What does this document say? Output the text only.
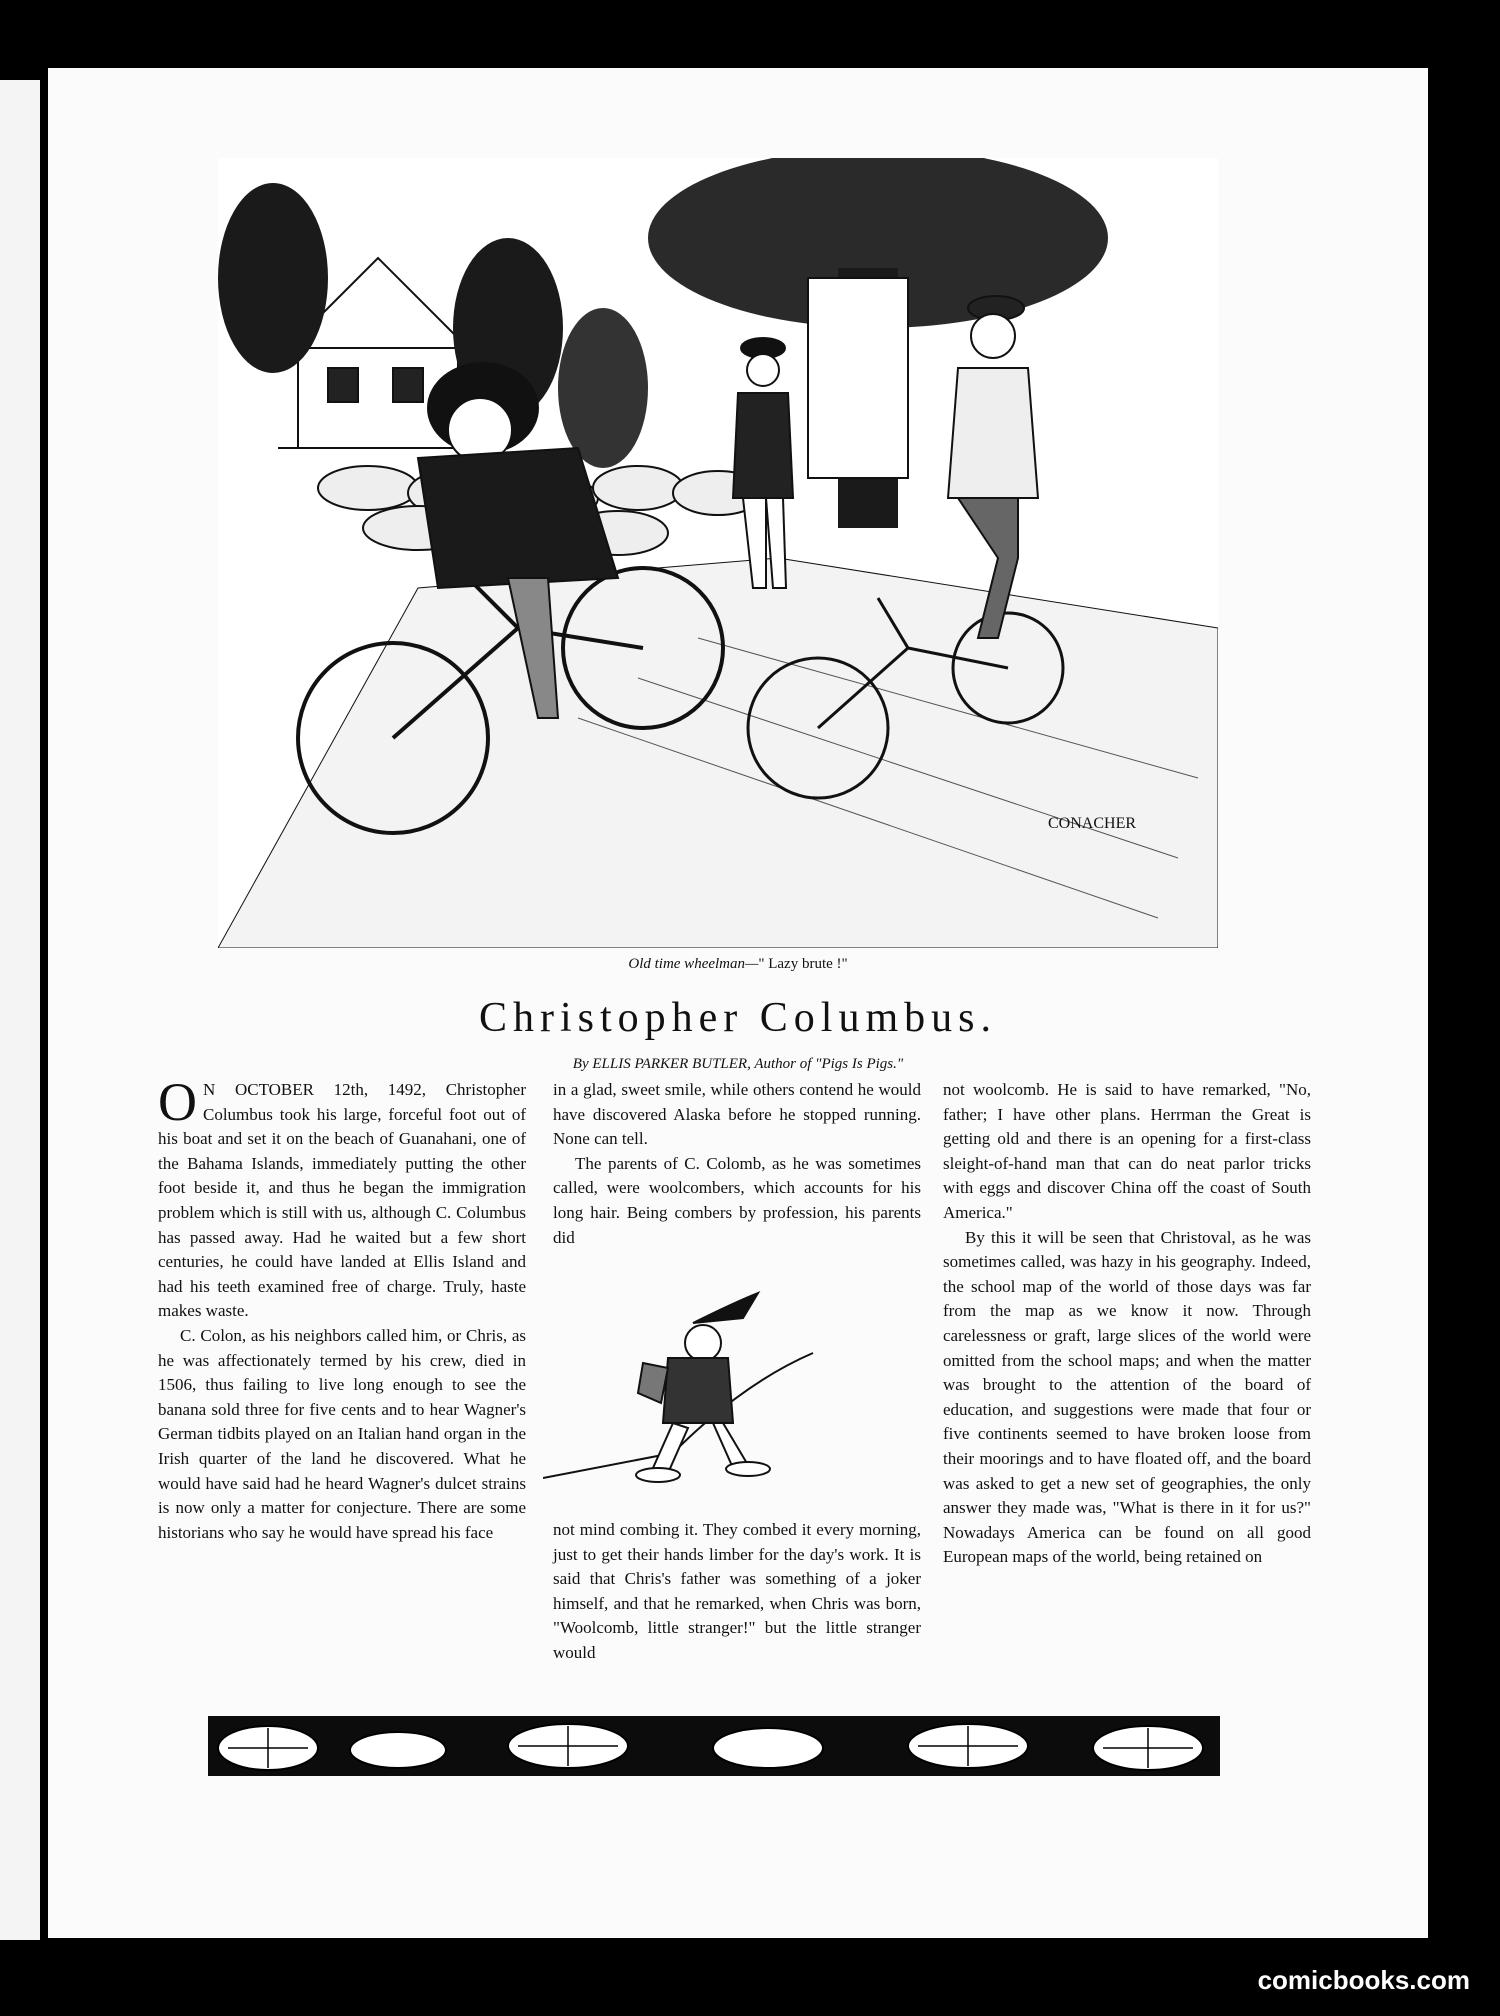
CONACHER
Old time wheelman—" Lazy brute !"
Christopher Columbus.
By ELLIS PARKER BUTLER, Author of "Pigs Is Pigs."

O N OCTOBER 12th, 1492, Christopher Columbus took his large, forceful foot out of his boat and set it on the beach of Guanahani, one of the Bahama Islands, immediately putting the other foot beside it, and thus he began the immigration problem which is still with us, although C. Columbus has passed away. Had he waited but a few short centuries, he could have landed at Ellis Island and had his teeth examined free of charge. Truly, haste makes waste.

C. Colon, as his neighbors called him, or Chris, as he was affectionately termed by his crew, died in 1506, thus failing to live long enough to see the banana sold three for five cents and to hear Wagner's German tidbits played on an Italian hand organ in the Irish quarter of the land he discovered. What he would have said had he heard Wagner's dulcet strains is now only a matter for conjecture. There are some historians who say he would have spread his face

in a glad, sweet smile, while others contend he would have discovered Alaska before he stopped running. None can tell.

The parents of C. Colomb, as he was sometimes called, were woolcombers, which accounts for his long hair. Being combers by profession, his parents did

not mind combing it. They combed it every morning, just to get their hands limber for the day's work. It is said that Chris's father was something of a joker himself, and that he remarked, when Chris was born, "Woolcomb, little stranger!" but the little stranger would

not woolcomb. He is said to have remarked, "No, father; I have other plans. Herrman the Great is getting old and there is an opening for a first-class sleight-of-hand man that can do neat parlor tricks with eggs and discover China off the coast of South America."

By this it will be seen that Christoval, as he was sometimes called, was hazy in his geography. Indeed, the school map of the world of those days was far from the map as we know it now. Through carelessness or graft, large slices of the world were omitted from the school maps; and when the matter was brought to the attention of the board of education, and suggestions were made that four or five continents seemed to have broken loose from their moorings and to have floated off, and the board was asked to get a new set of geographies, the only answer they made was, "What is there in it for us?" Nowadays America can be found on all good European maps of the world, being retained on

comicbooks.com
